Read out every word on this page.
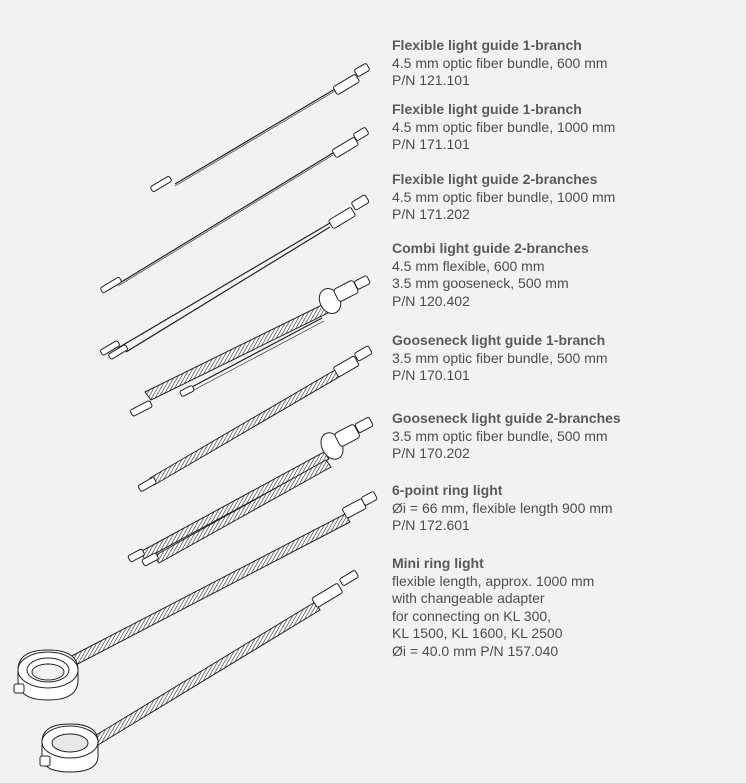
Flexible light guide 1-branch
4.5 mm optic fiber bundle, 600 mm
P/N 121.101
Flexible light guide 1-branch
4.5 mm optic fiber bundle, 1000 mm
P/N 171.101
Flexible light guide 2-branches
4.5 mm optic fiber bundle, 1000 mm
P/N 171.202
Combi light guide 2-branches
4.5 mm flexible, 600 mm
3.5 mm gooseneck, 500 mm
P/N 120.402
Gooseneck light guide 1-branch
3.5 mm optic fiber bundle, 500 mm
P/N 170.101
Gooseneck light guide 2-branches
3.5 mm optic fiber bundle, 500 mm
P/N 170.202
6-point ring light
Øi = 66 mm, flexible length 900 mm
P/N 172.601
Mini ring light
flexible length, approx. 1000 mm
with changeable adapter
for connecting on KL 300,
KL 1500, KL 1600, KL 2500
Øi = 40.0 mm P/N 157.040
